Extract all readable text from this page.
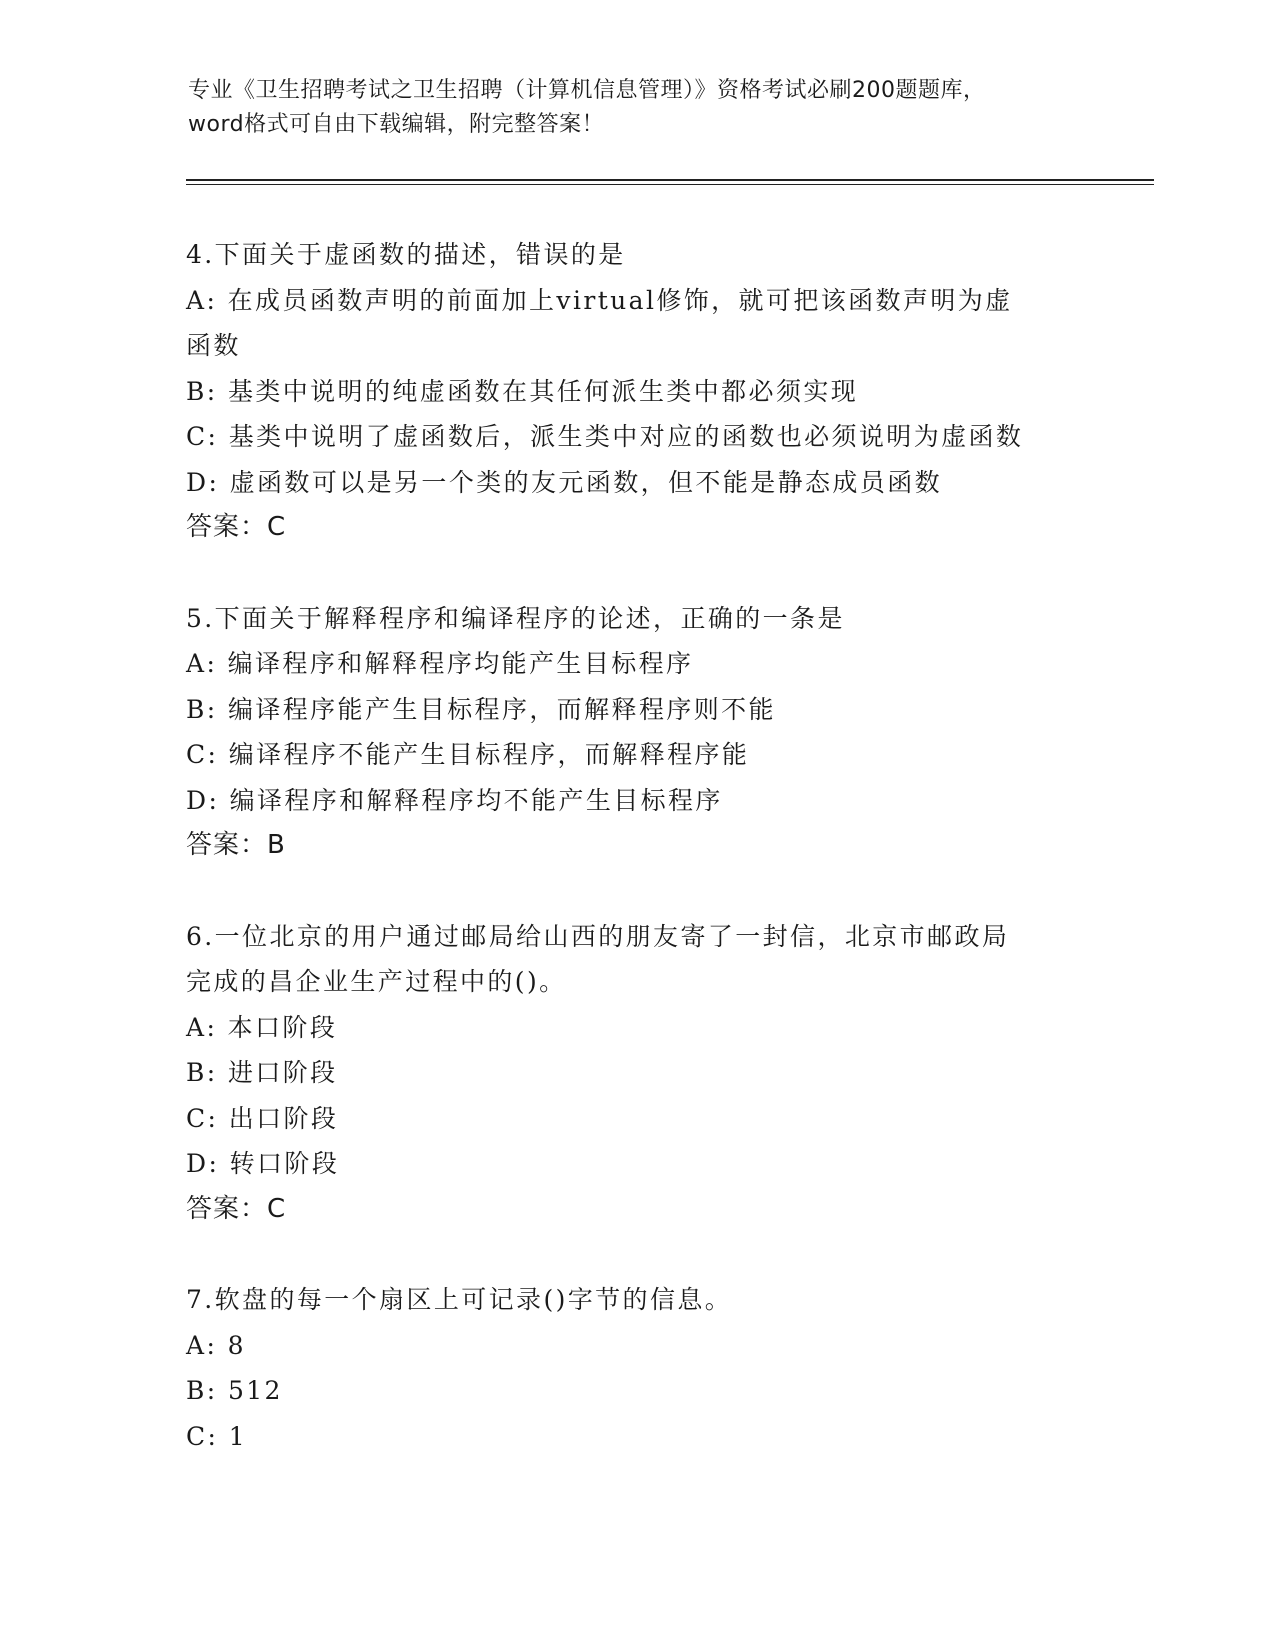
专业《卫生招聘考试之卫生招聘（计算机信息管理）》资格考试必刷200题题库，
word格式可自由下载编辑，附完整答案！
4.下面关于虚函数的描述，错误的是
A: 在成员函数声明的前面加上virtual修饰，就可把该函数声明为虚
函数
B: 基类中说明的纯虚函数在其任何派生类中都必须实现
C: 基类中说明了虚函数后，派生类中对应的函数也必须说明为虚函数
D: 虚函数可以是另一个类的友元函数，但不能是静态成员函数
答案：C
5.下面关于解释程序和编译程序的论述，正确的一条是
A: 编译程序和解释程序均能产生目标程序
B: 编译程序能产生目标程序，而解释程序则不能
C: 编译程序不能产生目标程序，而解释程序能
D: 编译程序和解释程序均不能产生目标程序
答案：B
6.一位北京的用户通过邮局给山西的朋友寄了一封信，北京市邮政局
完成的昌企业生产过程中的()。
A: 本口阶段
B: 进口阶段
C: 出口阶段
D: 转口阶段
答案：C
7.软盘的每一个扇区上可记录()字节的信息。
A: 8
B: 512
C: 1
